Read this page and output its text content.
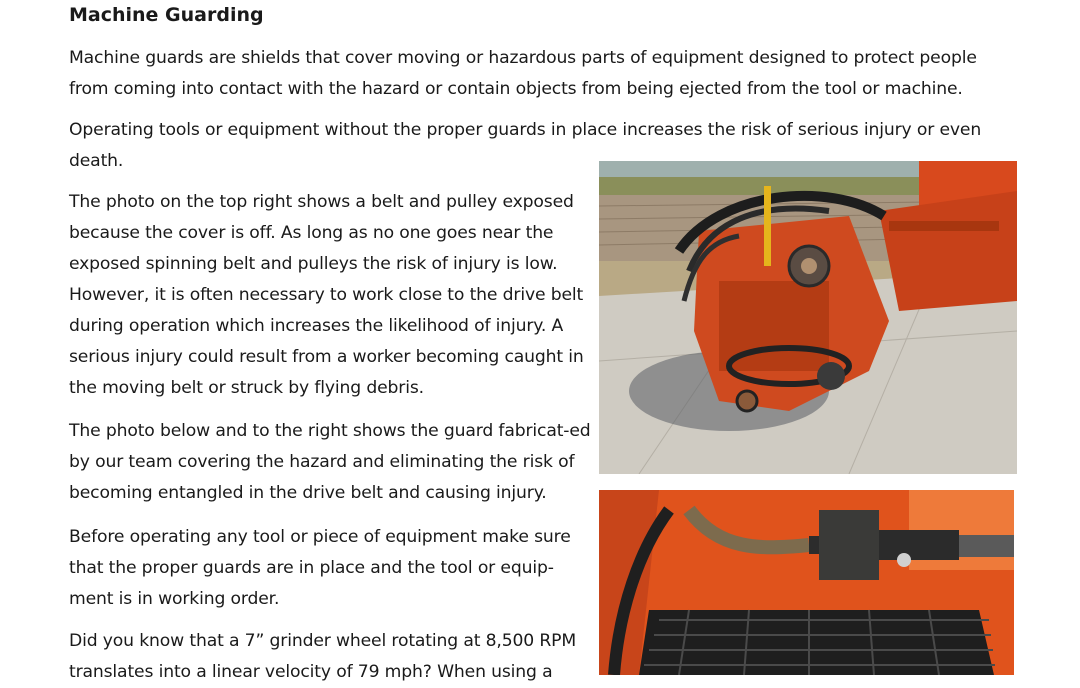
Machine Guarding

Machine guards are shields that cover moving or hazardous parts of equipment designed to protect people from coming into contact with the hazard or contain objects from being ejected from the tool or machine.

Operating tools or equipment without the proper guards in place increases the risk of serious injury or even death.

The photo on the top right shows a belt and pulley exposed because the cover is off. As long as no one goes near the exposed spinning belt and pulleys the risk of injury is low. However, it is often necessary to work close to the drive belt during operation which increases the likelihood of injury. A serious injury could result from a worker becoming caught in the moving belt or struck by flying debris.

The photo below and to the right shows the guard fabricat-ed by our team covering the hazard and eliminating the risk of becoming entangled in the drive belt and causing injury.

Before operating any tool or piece of equipment make sure that the proper guards are in place and the tool or equip-ment is in working order.

Did you know that a 7” grinder wheel rotating at 8,500 RPM translates into a linear velocity of 79 mph? When using a
